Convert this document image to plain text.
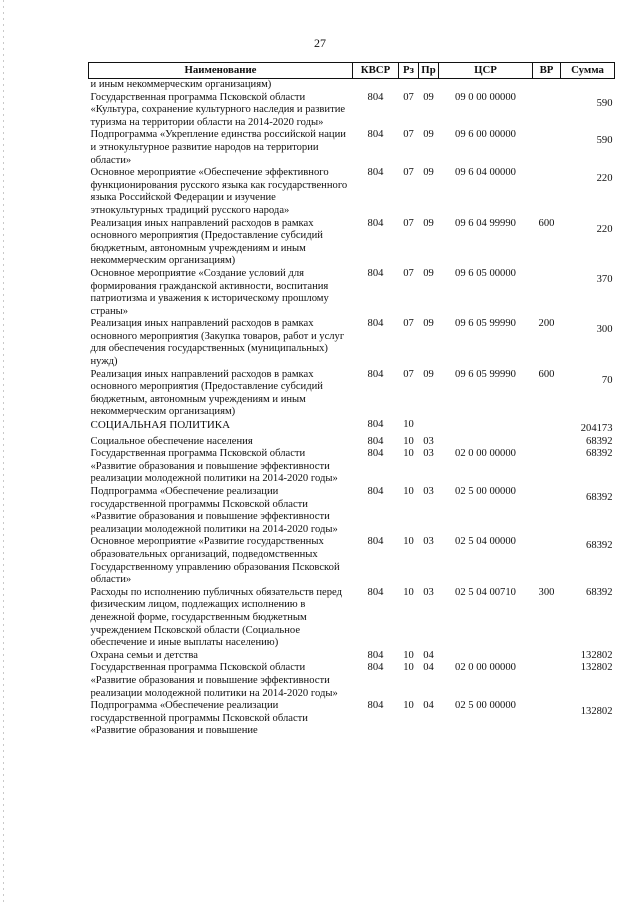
27
Наименование	КВСР	Рз	Пр	ЦСР	ВР	Сумма
и иным некоммерческим организациям)						
Государственная программа Псковской области «Культура, сохранение культурного наследия и развитие туризма на территории области на 2014-2020 годы»	804	07	09	09 0 00 00000		590
Подпрограмма «Укрепление единства российской нации и этнокультурное развитие народов на территории области»	804	07	09	09 6 00 00000		590
Основное мероприятие «Обеспечение эффективного функционирования русского языка как государственного языка Российской Федерации и изучение этнокультурных традиций русского народа»	804	07	09	09 6 04 00000		220
Реализация иных направлений расходов в рамках основного мероприятия (Предоставление субсидий бюджетным, автономным учреждениям и иным некоммерческим организациям)	804	07	09	09 6 04 99990	600	220
Основное мероприятие «Создание условий для формирования гражданской активности, воспитания патриотизма и уважения к историческому прошлому страны»	804	07	09	09 6 05 00000		370
Реализация иных направлений расходов в рамках основного мероприятия (Закупка товаров, работ и услуг для обеспечения государственных (муниципальных) нужд)	804	07	09	09 6 05 99990	200	300
Реализация иных направлений расходов в рамках основного мероприятия (Предоставление субсидий бюджетным, автономным учреждениям и иным некоммерческим организациям)	804	07	09	09 6 05 99990	600	70
СОЦИАЛЬНАЯ ПОЛИТИКА	804	10				204173
Социальное обеспечение населения	804	10	03			68392
Государственная программа Псковской области «Развитие образования и повышение эффективности реализации молодежной политики на 2014-2020 годы»	804	10	03	02 0 00 00000		68392
Подпрограмма «Обеспечение реализации государственной программы Псковской области «Развитие образования и повышение эффективности реализации молодежной политики на 2014-2020 годы»	804	10	03	02 5 00 00000		68392
Основное мероприятие «Развитие государственных образовательных организаций, подведомственных Государственному управлению образования Псковской области»	804	10	03	02 5 04 00000		68392
Расходы по исполнению публичных обязательств перед физическим лицом, подлежащих исполнению в денежной форме, государственным бюджетным учреждением Псковской области (Социальное обеспечение и иные выплаты населению)	804	10	03	02 5 04 00710	300	68392
Охрана семьи и детства	804	10	04			132802
Государственная программа Псковской области «Развитие образования и повышение эффективности реализации молодежной политики на 2014-2020 годы»	804	10	04	02 0 00 00000		132802
Подпрограмма «Обеспечение реализации государственной программы Псковской области «Развитие образования и повышение	804	10	04	02 5 00 00000		132802
